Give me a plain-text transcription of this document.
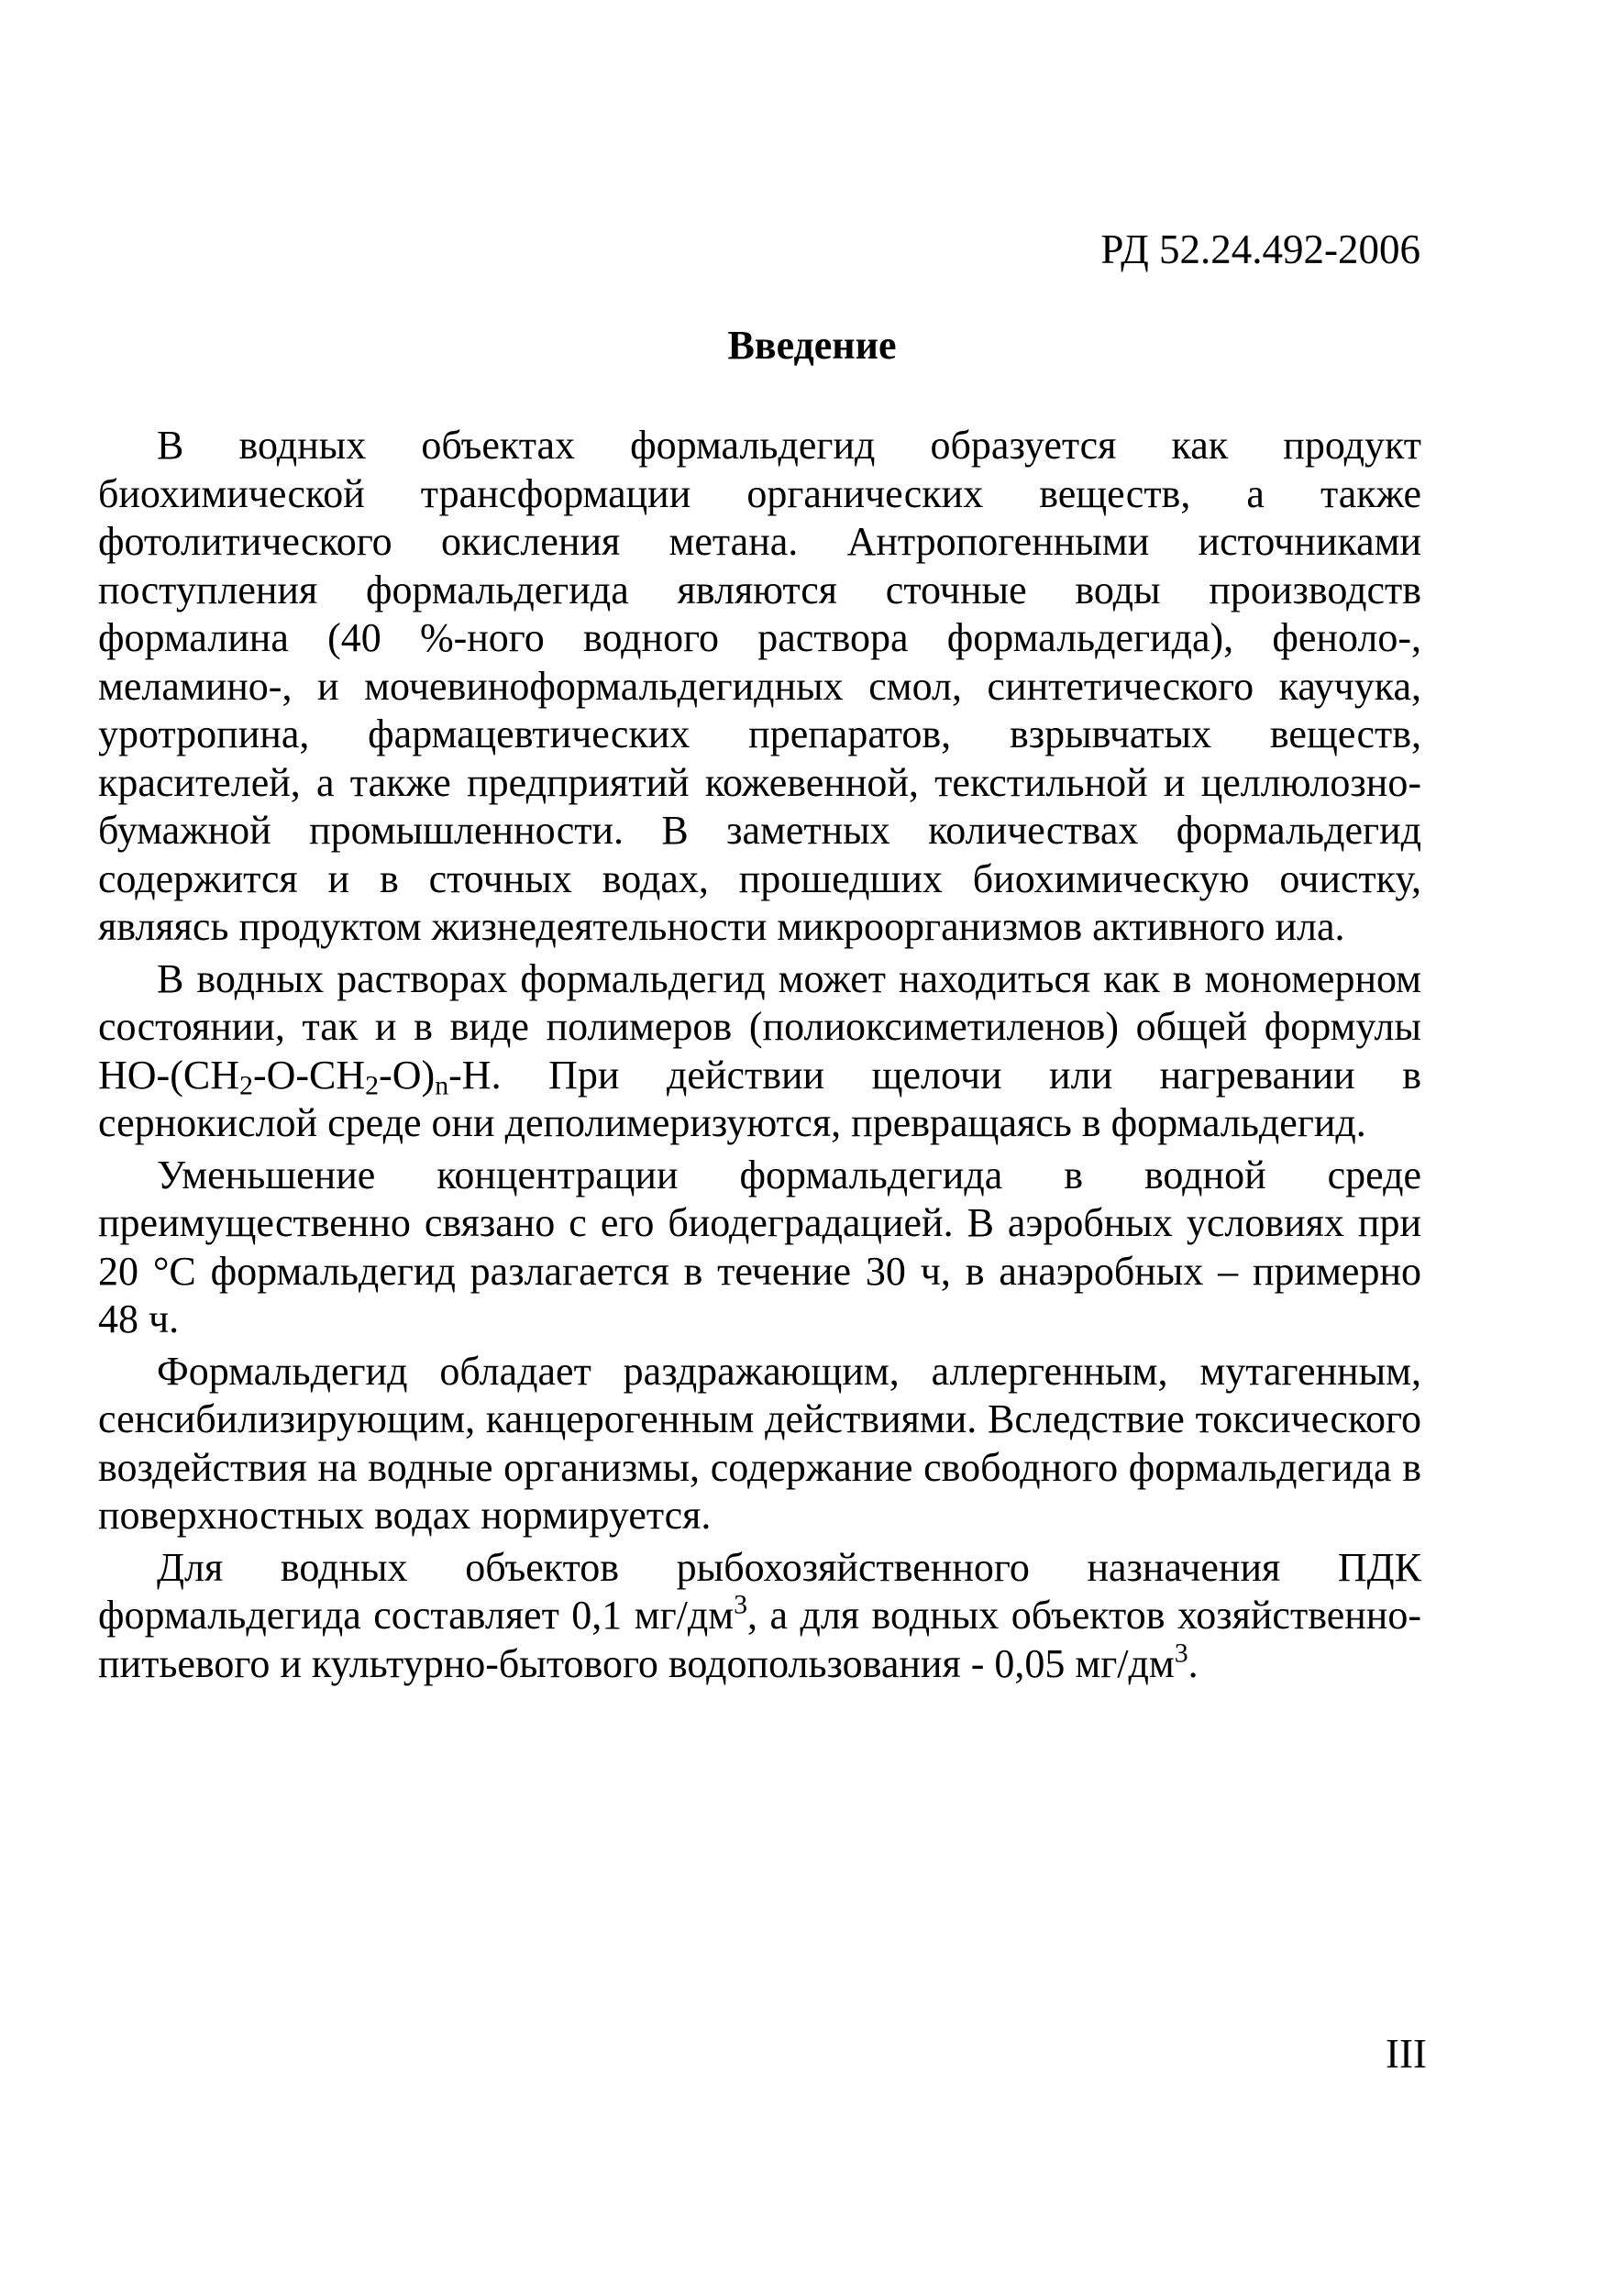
РД 52.24.492-2006
Введение

В водных объектах формальдегид образуется как продукт биохимической трансформации органических веществ, а также фотолитического окисления метана. Антропогенными источниками поступления формальдегида являются сточные воды производств формалина (40 %-ного водного раствора формальдегида), феноло-, меламино-, и мочевиноформальдегидных смол, синтетического каучука, уротропина, фармацевтических препаратов, взрывчатых веществ, красителей, а также предприятий кожевенной, текстильной и целлюлозно-бумажной промышленности. В заметных количествах формальдегид содержится и в сточных водах, прошедших биохимическую очистку, являясь продуктом жизнедеятельности микроорганизмов активного ила.

В водных растворах формальдегид может находиться как в мономерном состоянии, так и в виде полимеров (полиоксиметиленов) общей формулы $HO-(CH_2-O-CH_2-O)_n-H$. При действии щелочи или нагревании в сернокислой среде они деполимеризуются, превращаясь в формальдегид.

Уменьшение концентрации формальдегида в водной среде преимущественно связано с его биодеградацией. В аэробных условиях при 20 °С формальдегид разлагается в течение 30 ч, в анаэробных – примерно 48 ч.

Формальдегид обладает раздражающим, аллергенным, мутагенным, сенсибилизирующим, канцерогенным действиями. Вследствие токсического воздействия на водные организмы, содержание свободного формальдегида в поверхностных водах нормируется.

Для водных объектов рыбохозяйственного назначения ПДК формальдегида составляет 0,1 $мг/дм^3$, а для водных объектов хозяйственно-питьевого и культурно-бытового водопользования - 0,05 $мг/дм^3$.

III
